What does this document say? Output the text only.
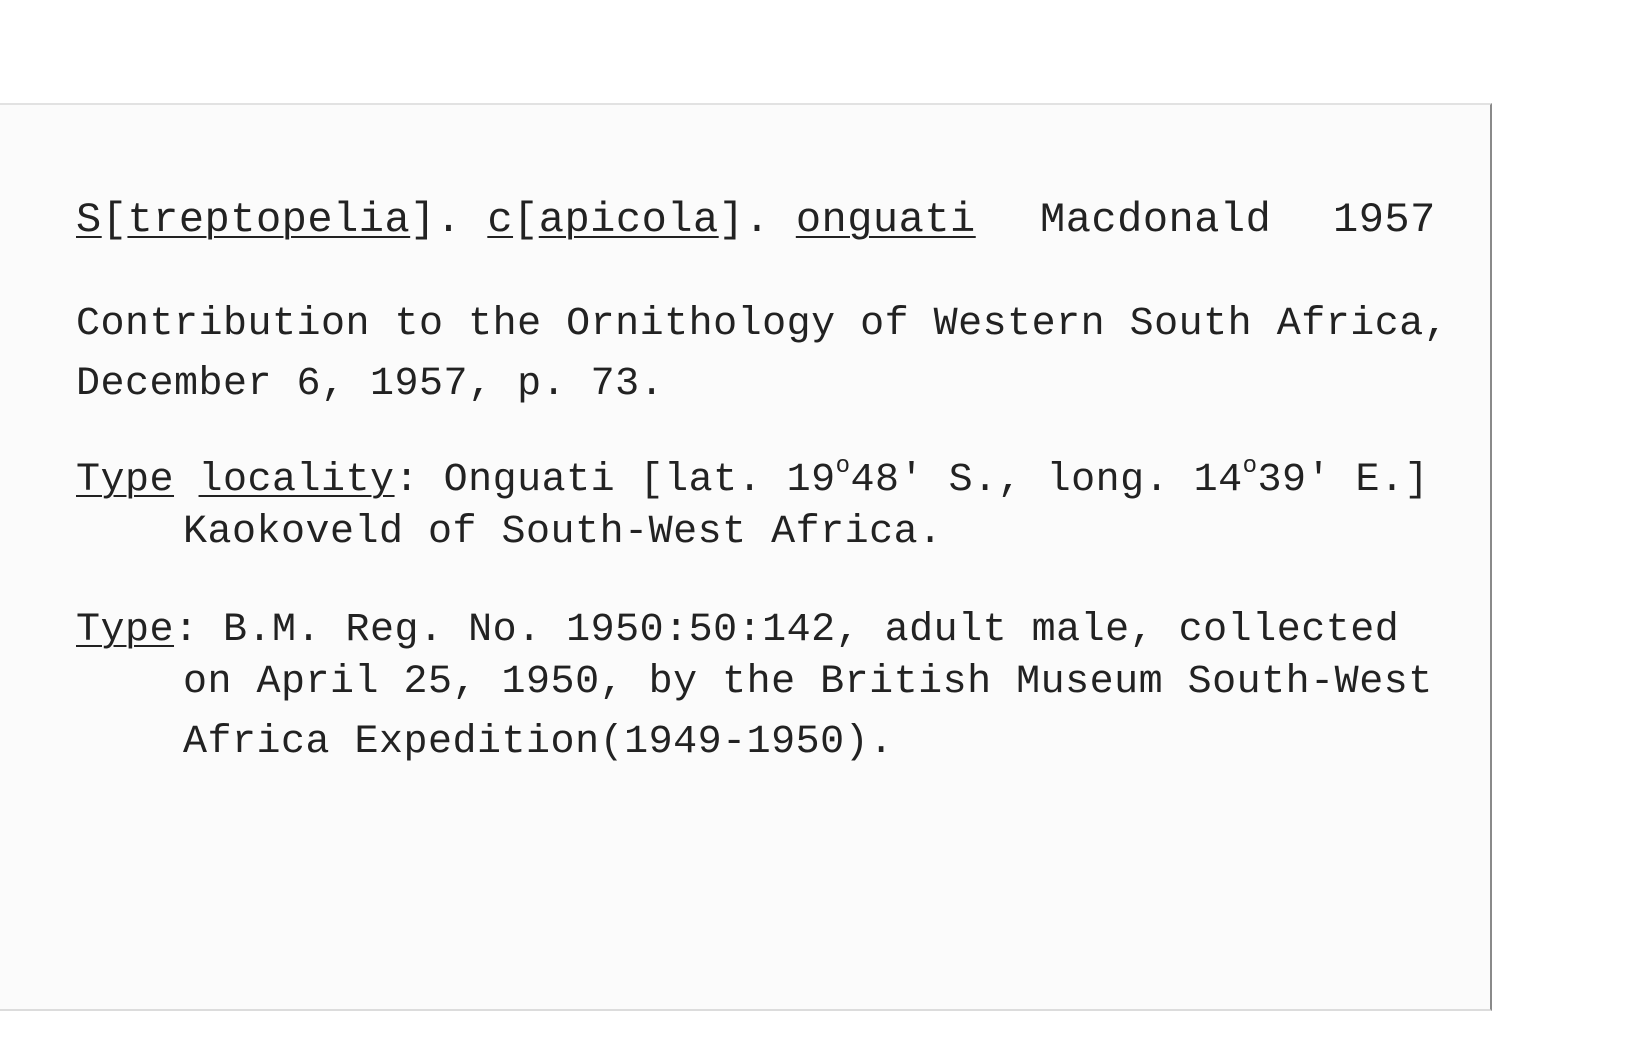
S[treptopelia]. c[apicola]. onguati Macdonald 1957
Contribution to the Ornithology of Western South Africa,
December 6, 1957, p. 73.
Type locality: Onguati [lat. 19$^o$48' S., long. 14$^o$39' E.]
Kaokoveld of South-West Africa.
Type: B.M. Reg. No. 1950:50:142, adult male, collected
on April 25, 1950, by the British Museum South-West
Africa Expedition(1949-1950).
